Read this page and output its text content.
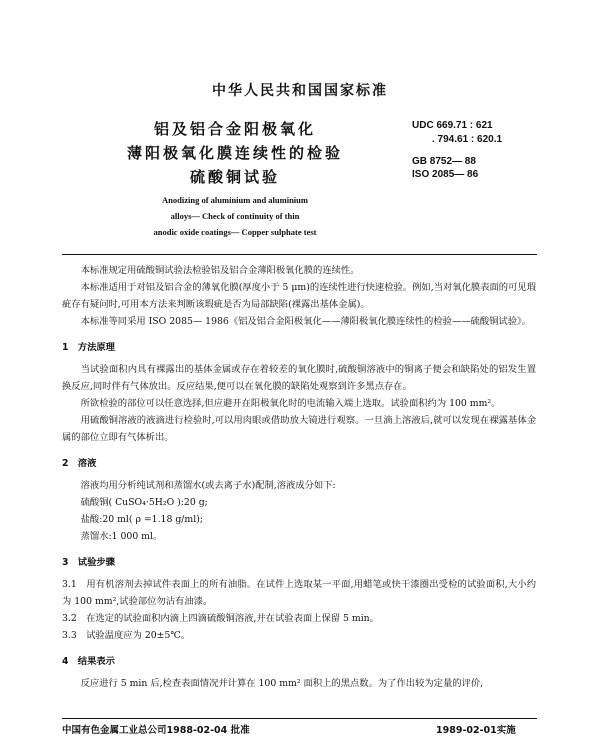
中华人民共和国国家标准
铝及铝合金阳极氧化
薄阳极氧化膜连续性的检验
硫酸铜试验
Anodizing of aluminium and aluminium
alloys— Check of continuity of thin
anodic oxide coatings— Copper sulphate test
UDC 669.71 : 621
. 794.61 : 620.1
GB 8752— 88
ISO 2085— 86

本标准规定用硫酸铜试验法检验铝及铝合金薄阳极氧化膜的连续性。

本标准适用于对铝及铝合金的薄氧化膜(厚度小于 5 μm)的连续性进行快速检验。例如,当对氧化膜表面的可见瑕疵存有疑问时,可用本方法来判断该瑕疵是否为局部缺陷(裸露出基体金属)。

本标准等同采用 ISO 2085— 1986《铝及铝合金阳极氧化——薄阳极氧化膜连续性的检验——硫酸铜试验》。

1　方法原理

当试验面积内具有裸露出的基体金属或存在着较差的氧化膜时,硫酸铜溶液中的铜离子便会和缺陷处的铝发生置换反应,同时伴有气体放出。反应结果,便可以在氧化膜的缺陷处观察到许多黑点存在。

所欲检验的部位可以任意选择,但应避开在阳极氧化时的电流输入端上选取。试验面积约为 100 mm²。

用硫酸铜溶液的液滴进行检验时,可以用肉眼或借助放大镜进行观察。一旦滴上溶液后,就可以发现在裸露基体金属的部位立即有气体析出。

2　溶液

溶液均用分析纯试剂和蒸馏水(或去离子水)配制,溶液成分如下:

硫酸铜( CuSO₄·5H₂O ):20 g;

盐酸:20 ml( ρ =1.18 g/ml);

蒸馏水:1 000 ml。

3　试验步骤

3.1　用有机溶剂去掉试件表面上的所有油脂。在试件上选取某一平面,用蜡笔或快干漆圈出受检的试验面积,大小约为 100 mm²,试验部位勿沾有油漆。

3.2　在选定的试验面积内滴上四滴硫酸铜溶液,并在试验表面上保留 5 min。

3.3　试验温度应为 20±5℃。

4　结果表示

反应进行 5 min 后,检查表面情况并计算在 100 mm² 面积上的黑点数。为了作出较为定量的评价,

中国有色金属工业总公司1988-02-04 批准	1989-02-01实施
